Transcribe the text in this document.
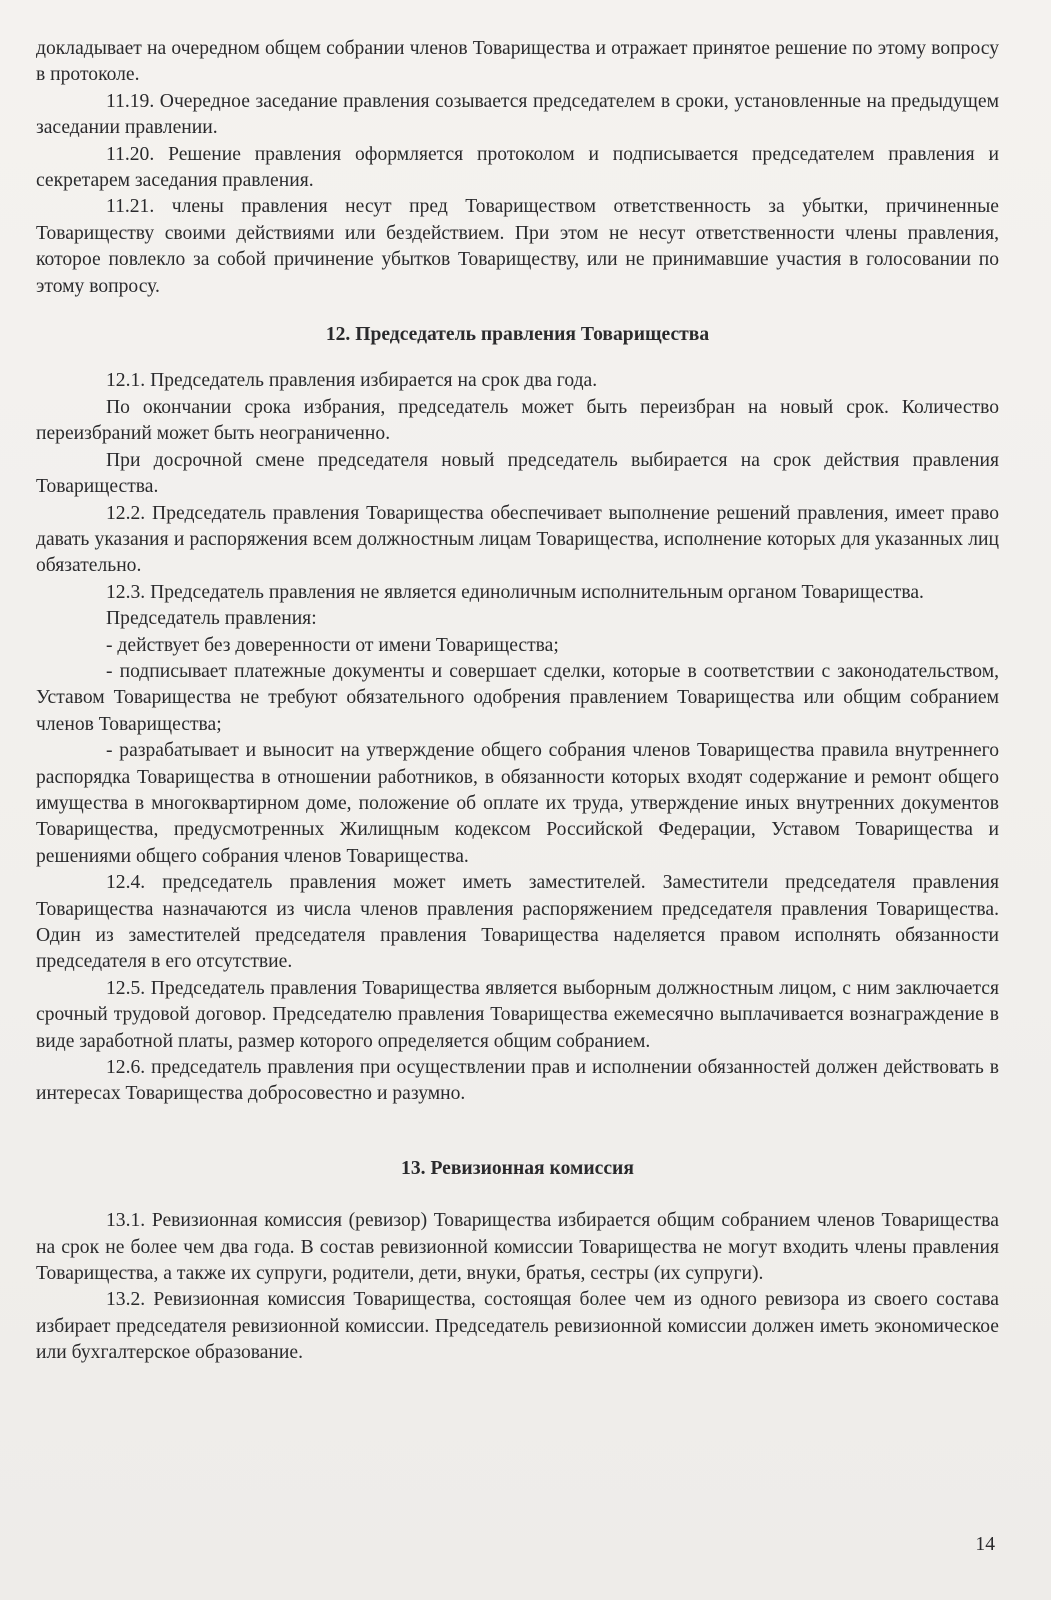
докладывает на очередном общем собрании членов Товарищества и отражает принятое решение по этому вопросу в протоколе.

11.19. Очередное заседание правления созывается председателем в сроки, установленные на предыдущем заседании правлении.

11.20. Решение правления оформляется протоколом и подписывается председателем правления и секретарем заседания правления.

11.21. члены правления несут пред Товариществом ответственность за убытки, причиненные Товариществу своими действиями или бездействием. При этом не несут ответственности члены правления, которое повлекло за собой причинение убытков Товариществу, или не принимавшие участия в голосовании по этому вопросу.

12. Председатель правления Товарищества

12.1. Председатель правления избирается на срок два года.

По окончании срока избрания, председатель может быть переизбран на новый срок. Количество переизбраний может быть неограниченно.

При досрочной смене председателя новый председатель выбирается на срок действия правления Товарищества.

12.2. Председатель правления Товарищества обеспечивает выполнение решений правления, имеет право давать указания и распоряжения всем должностным лицам Товарищества, исполнение которых для указанных лиц обязательно.

12.3. Председатель правления не является единоличным исполнительным органом Товарищества.

Председатель правления:

- действует без доверенности от имени Товарищества;

- подписывает платежные документы и совершает сделки, которые в соответствии с законодательством, Уставом Товарищества не требуют обязательного одобрения правлением Товарищества или общим собранием членов Товарищества;

- разрабатывает и выносит на утверждение общего собрания членов Товарищества правила внутреннего распорядка Товарищества в отношении работников, в обязанности которых входят содержание и ремонт общего имущества в многоквартирном доме, положение об оплате их труда, утверждение иных внутренних документов Товарищества, предусмотренных Жилищным кодексом Российской Федерации, Уставом Товарищества и решениями общего собрания членов Товарищества.

12.4. председатель правления может иметь заместителей. Заместители председателя правления Товарищества назначаются из числа членов правления распоряжением председателя правления Товарищества. Один из заместителей председателя правления Товарищества наделяется правом исполнять обязанности председателя в его отсутствие.

12.5. Председатель правления Товарищества является выборным должностным лицом, с ним заключается срочный трудовой договор. Председателю правления Товарищества ежемесячно выплачивается вознаграждение в виде заработной платы, размер которого определяется общим собранием.

12.6. председатель правления при осуществлении прав и исполнении обязанностей должен действовать в интересах Товарищества добросовестно и разумно.

13. Ревизионная комиссия

13.1. Ревизионная комиссия (ревизор) Товарищества избирается общим собранием членов Товарищества на срок не более чем два года. В состав ревизионной комиссии Товарищества не могут входить члены правления Товарищества, а также их супруги, родители, дети, внуки, братья, сестры (их супруги).

13.2. Ревизионная комиссия Товарищества, состоящая более чем из одного ревизора из своего состава избирает председателя ревизионной комиссии. Председатель ревизионной комиссии должен иметь экономическое или бухгалтерское образование.

14
